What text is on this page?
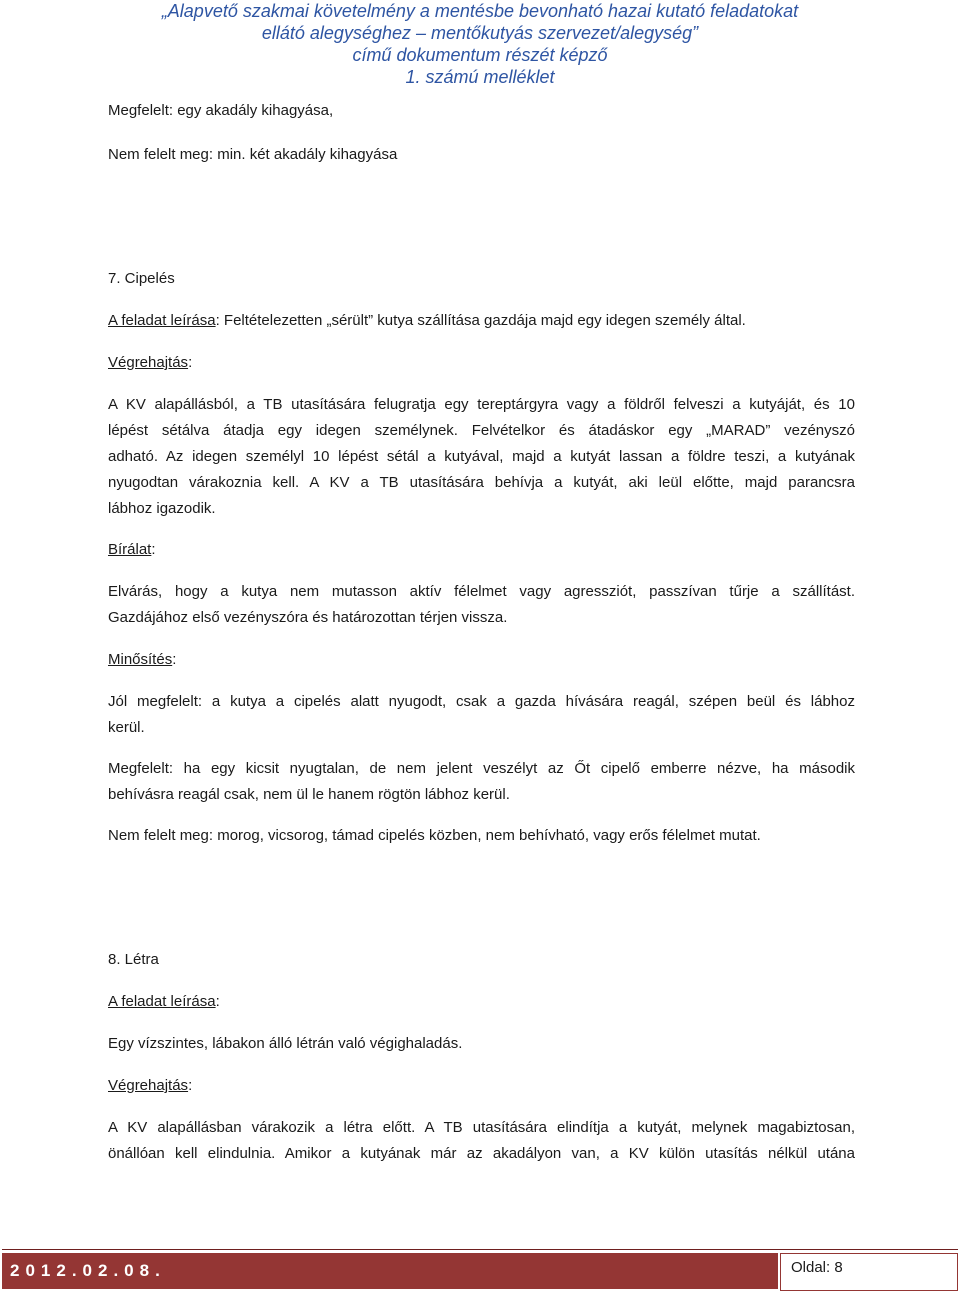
„Alapvető szakmai követelmény a mentésbe bevonható hazai kutató feladatokat
ellátó alegységhez – mentőkutyás szervezet/alegység”
című dokumentum részét képző
1. számú melléklet
Megfelelt: egy akadály kihagyása,
Nem felelt meg: min. két akadály kihagyása
7. Cipelés
A feladat leírása: Feltételezetten „sérült” kutya szállítása gazdája majd egy idegen személy által.
Végrehajtás:
A KV alapállásból, a TB utasítására felugratja egy tereptárgyra vagy a földről felveszi a kutyáját, és 10
lépést sétálva átadja egy idegen személynek. Felvételkor és átadáskor egy „MARAD” vezényszó
adható. Az idegen személyl 10 lépést sétál a kutyával, majd a kutyát lassan a földre teszi, a kutyának
nyugodtan várakoznia kell. A KV a TB utasítására behívja a kutyát, aki leül előtte, majd parancsra
lábhoz igazodik.
Bírálat:
Elvárás, hogy a kutya nem mutasson aktív félelmet vagy agressziót, passzívan tűrje a szállítást.
Gazdájához első vezényszóra és határozottan térjen vissza.
Minősítés:
Jól megfelelt: a kutya a cipelés alatt nyugodt, csak a gazda hívására reagál, szépen beül és lábhoz
kerül.
Megfelelt: ha egy kicsit nyugtalan, de nem jelent veszélyt az Őt cipelő emberre nézve, ha második
behívásra reagál csak, nem ül le hanem rögtön lábhoz kerül.
Nem felelt meg: morog, vicsorog, támad cipelés közben, nem behívható, vagy erős félelmet mutat.
8. Létra
A feladat leírása:
Egy vízszintes, lábakon álló létrán való végighaladás.
Végrehajtás:
A KV alapállásban várakozik a létra előtt. A TB utasítására elindítja a kutyát, melynek magabiztosan,
önállóan kell elindulnia. Amikor a kutyának már az akadályon van, a KV külön utasítás nélkül utána
2012.02.08.	Oldal: 8
